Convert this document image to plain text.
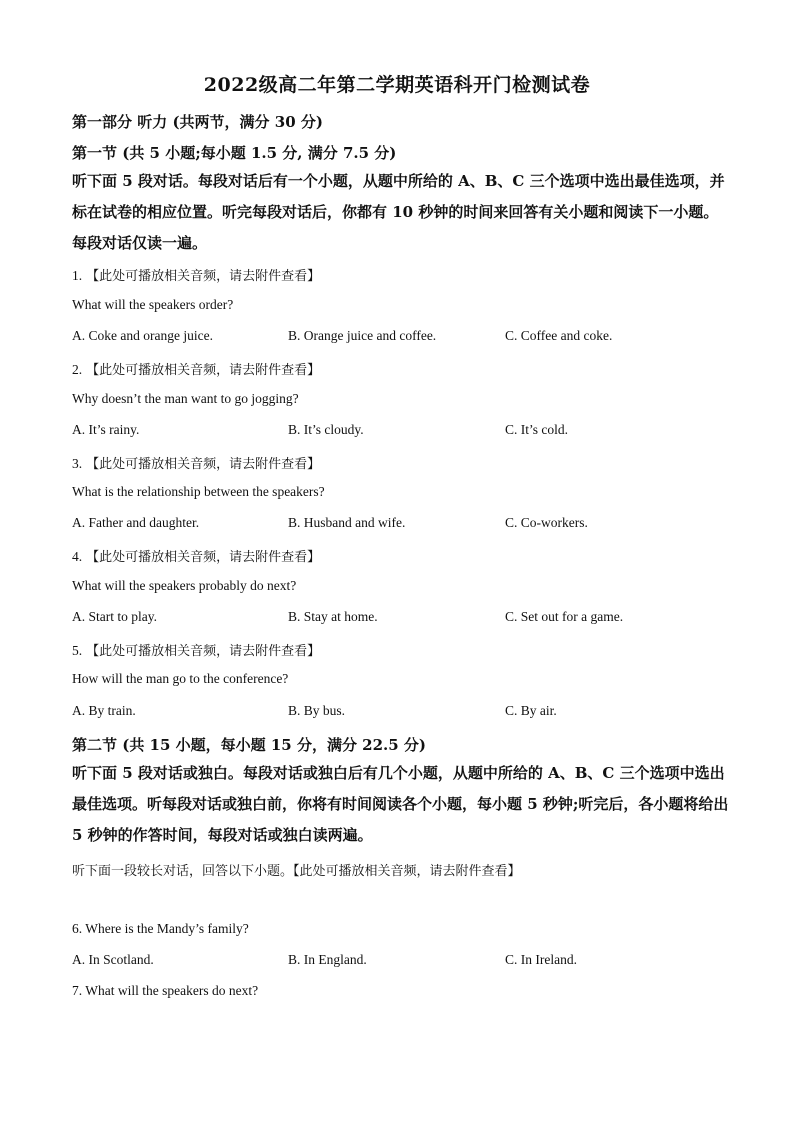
2022级高二年第二学期英语科开门检测试卷
第一部分 听力 (共两节，满分 30 分)
第一节 (共 5 小题;每小题 1.5 分, 满分 7.5 分)
听下面 5 段对话。每段对话后有一个小题，从题中所给的 A、B、C 三个选项中选出最佳选项，并标在试卷的相应位置。听完每段对话后，你都有 10 秒钟的时间来回答有关小题和阅读下一小题。每段对话仅读一遍。
1. 【此处可播放相关音频，请去附件查看】
What will the speakers order?
A. Coke and orange juice.	B. Orange juice and coffee.	C. Coffee and coke.
2. 【此处可播放相关音频，请去附件查看】
Why doesn’t the man want to go jogging?
A. It’s rainy.	B. It’s cloudy.	C. It’s cold.
3. 【此处可播放相关音频，请去附件查看】
What is the relationship between the speakers?
A. Father and daughter.	B. Husband and wife.	C. Co-workers.
4. 【此处可播放相关音频，请去附件查看】
What will the speakers probably do next?
A. Start to play.	B. Stay at home.	C. Set out for a game.
5. 【此处可播放相关音频，请去附件查看】
How will the man go to the conference?
A. By train.	B. By bus.	C. By air.
第二节 (共 15 小题，每小题 15 分，满分 22.5 分)
听下面 5 段对话或独白。每段对话或独白后有几个小题，从题中所给的 A、B、C 三个选项中选出最佳选项。听每段对话或独白前，你将有时间阅读各个小题，每小题 5 秒钟;听完后，各小题将给出 5 秒钟的作答时间，每段对话或独白读两遍。
听下面一段较长对话，回答以下小题。【此处可播放相关音频，请去附件查看】
6. Where is the Mandy’s family?
A. In Scotland.	B. In England.	C. In Ireland.
7. What will the speakers do next?
